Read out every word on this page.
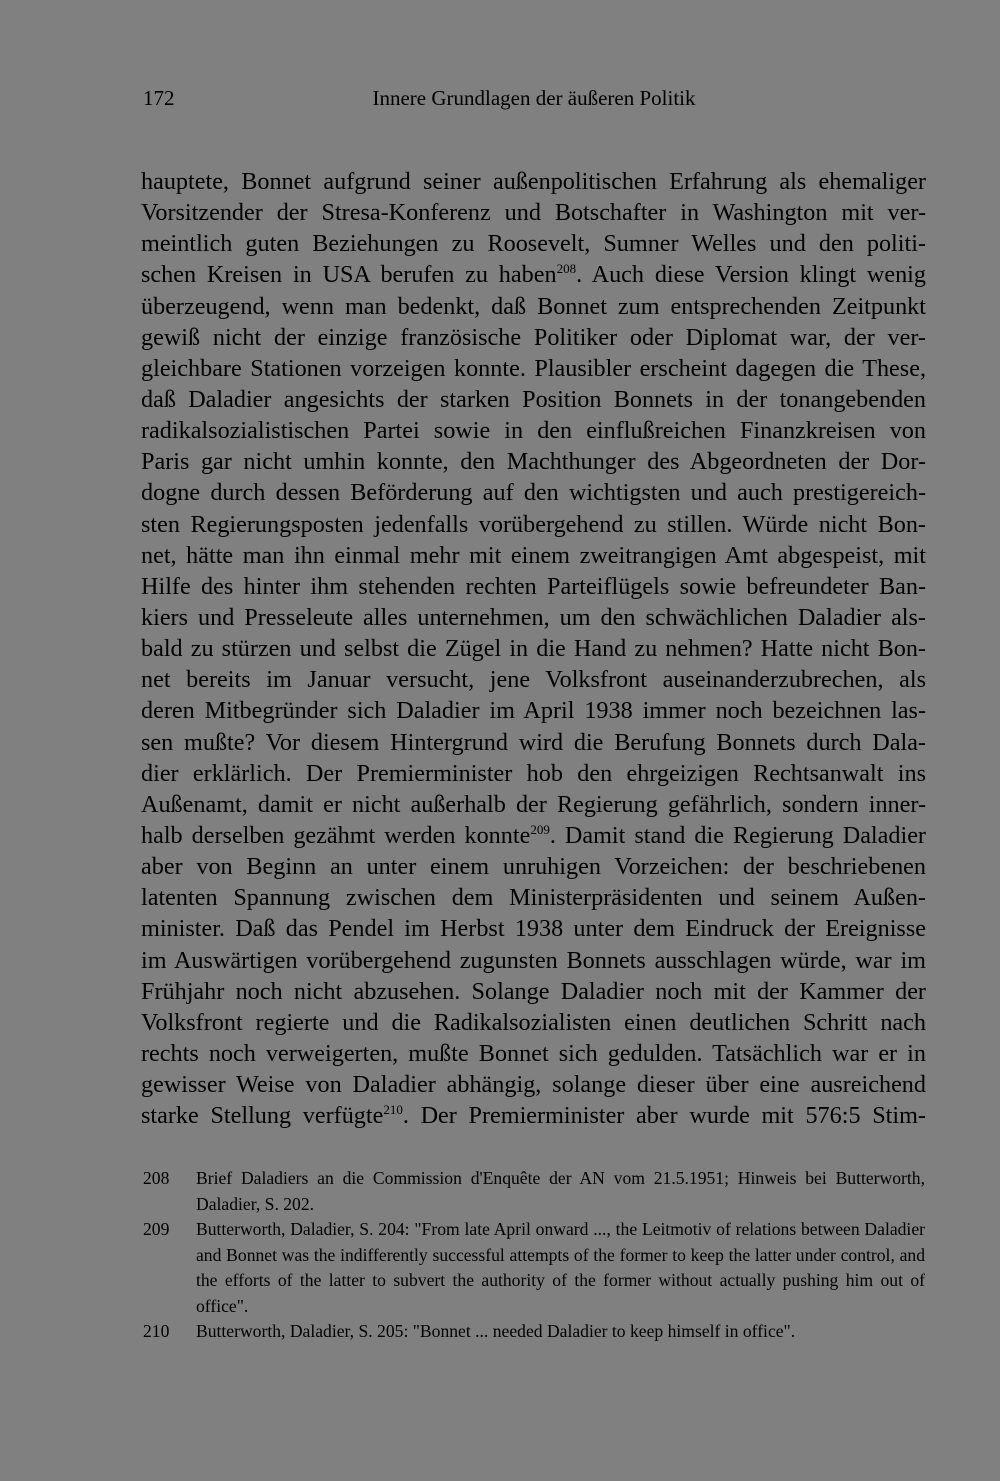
172	Innere Grundlagen der äußeren Politik
hauptete, Bonnet aufgrund seiner außenpolitischen Erfahrung als ehemaliger
Vorsitzender der Stresa-Konferenz und Botschafter in Washington mit ver-
meintlich guten Beziehungen zu Roosevelt, Sumner Welles und den politi-
schen Kreisen in USA berufen zu haben$^{208}$. Auch diese Version klingt wenig
überzeugend, wenn man bedenkt, daß Bonnet zum entsprechenden Zeitpunkt
gewiß nicht der einzige französische Politiker oder Diplomat war, der ver-
gleichbare Stationen vorzeigen konnte. Plausibler erscheint dagegen die These,
daß Daladier angesichts der starken Position Bonnets in der tonangebenden
radikalsozialistischen Partei sowie in den einflußreichen Finanzkreisen von
Paris gar nicht umhin konnte, den Machthunger des Abgeordneten der Dor-
dogne durch dessen Beförderung auf den wichtigsten und auch prestigereich-
sten Regierungsposten jedenfalls vorübergehend zu stillen. Würde nicht Bon-
net, hätte man ihn einmal mehr mit einem zweitrangigen Amt abgespeist, mit
Hilfe des hinter ihm stehenden rechten Parteiflügels sowie befreundeter Ban-
kiers und Presseleute alles unternehmen, um den schwächlichen Daladier als-
bald zu stürzen und selbst die Zügel in die Hand zu nehmen? Hatte nicht Bon-
net bereits im Januar versucht, jene Volksfront auseinanderzubrechen, als
deren Mitbegründer sich Daladier im April 1938 immer noch bezeichnen las-
sen mußte? Vor diesem Hintergrund wird die Berufung Bonnets durch Dala-
dier erklärlich. Der Premierminister hob den ehrgeizigen Rechtsanwalt ins
Außenamt, damit er nicht außerhalb der Regierung gefährlich, sondern inner-
halb derselben gezähmt werden konnte$^{209}$. Damit stand die Regierung Daladier
aber von Beginn an unter einem unruhigen Vorzeichen: der beschriebenen
latenten Spannung zwischen dem Ministerpräsidenten und seinem Außen-
minister. Daß das Pendel im Herbst 1938 unter dem Eindruck der Ereignisse
im Auswärtigen vorübergehend zugunsten Bonnets ausschlagen würde, war im
Frühjahr noch nicht abzusehen. Solange Daladier noch mit der Kammer der
Volksfront regierte und die Radikalsozialisten einen deutlichen Schritt nach
rechts noch verweigerten, mußte Bonnet sich gedulden. Tatsächlich war er in
gewisser Weise von Daladier abhängig, solange dieser über eine ausreichend
starke Stellung verfügte$^{210}$. Der Premierminister aber wurde mit 576:5 Stim-
208 Brief Daladiers an die Commission d'Enquête der AN vom 21.5.1951; Hinweis bei Butterworth, Daladier, S. 202.
209 Butterworth, Daladier, S. 204: "From late April onward ..., the Leitmotiv of relations between Daladier and Bonnet was the indifferently successful attempts of the former to keep the latter under control, and the efforts of the latter to subvert the authority of the former without actually pushing him out of office".
210 Butterworth, Daladier, S. 205: "Bonnet ... needed Daladier to keep himself in office".
